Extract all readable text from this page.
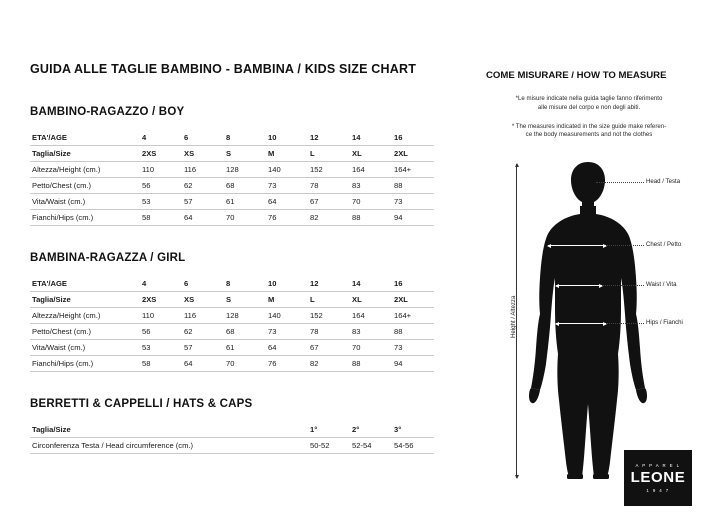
GUIDA ALLE TAGLIE BAMBINO - BAMBINA / KIDS SIZE CHART
BAMBINO-RAGAZZO / BOY
ETA'/AGE	4	6	8	10	12	14	16
Taglia/Size	2XS	XS	S	M	L	XL	2XL
Altezza/Height (cm.)	110	116	128	140	152	164	164+
Petto/Chest (cm.)	56	62	68	73	78	83	88
Vita/Waist (cm.)	53	57	61	64	67	70	73
Fianchi/Hips (cm.)	58	64	70	76	82	88	94
BAMBINA-RAGAZZA / GIRL
ETA'/AGE	4	6	8	10	12	14	16
Taglia/Size	2XS	XS	S	M	L	XL	2XL
Altezza/Height (cm.)	110	116	128	140	152	164	164+
Petto/Chest (cm.)	56	62	68	73	78	83	88
Vita/Waist (cm.)	53	57	61	64	67	70	73
Fianchi/Hips (cm.)	58	64	70	76	82	88	94
BERRETTI & CAPPELLI / HATS & CAPS
Taglia/Size	1°	2°	3°
Circonferenza Testa / Head circumference (cm.)	50-52	52-54	54-56
COME MISURARE / HOW TO MEASURE

*Le misure indicate nella guida taglie fanno riferimento
alle misure del corpo e non degli abiti.

* The measures indicated in the size guide make referen-
ce the body measurements and not the clothes

Head / Testa
Chest / Petto
Waist / Vita
Hips / Fianchi
Height / Altezza
A P P A R E L
LEONE
1 9 4 7
